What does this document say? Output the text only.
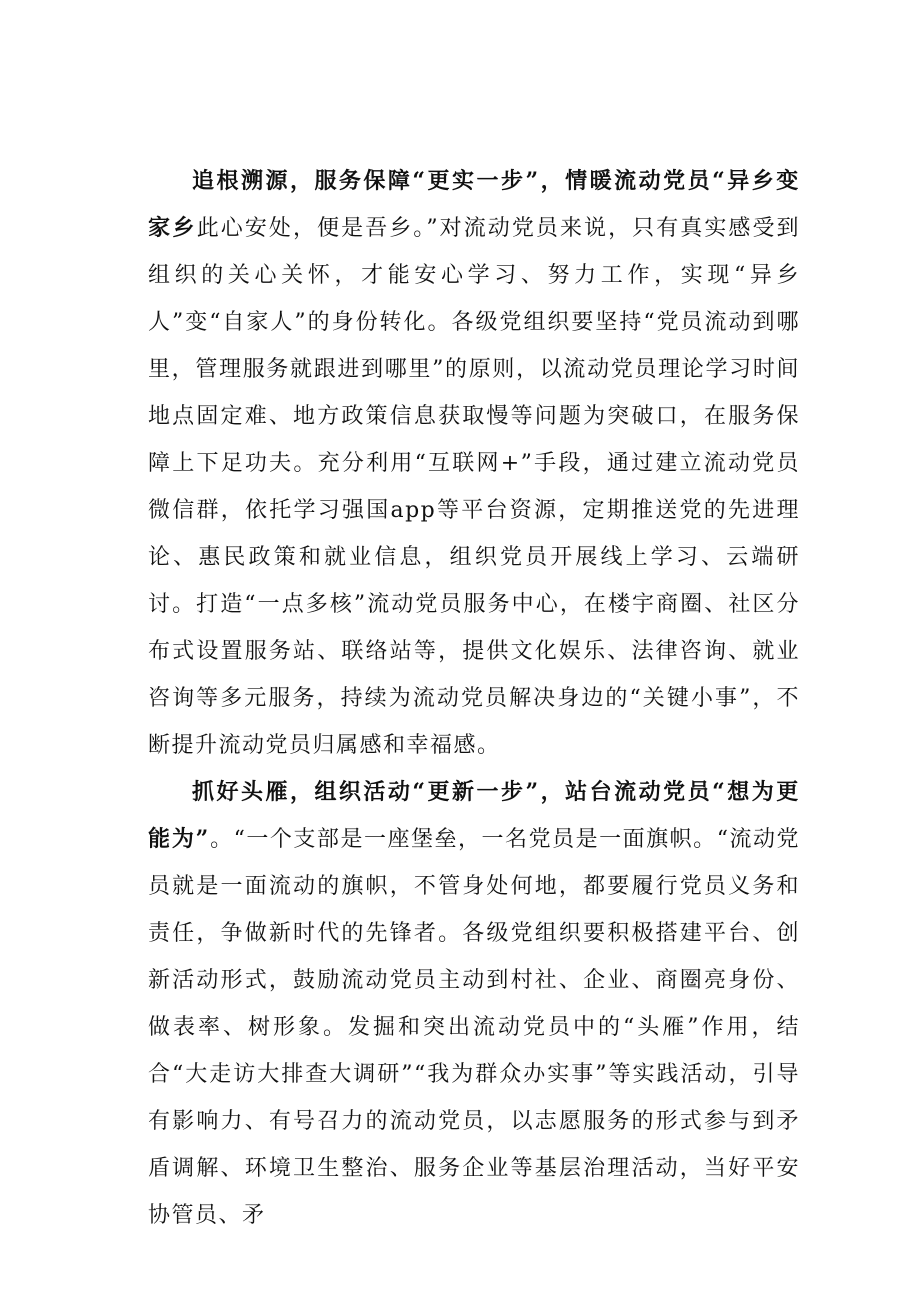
追根溯源，服务保障“更实一步”，情暖流动党员“异乡变家乡此心安处，便是吾乡。”对流动党员来说，只有真实感受到组织的关心关怀，才能安心学习、努力工作，实现“异乡人”变“自家人”的身份转化。各级党组织要坚持“党员流动到哪里，管理服务就跟进到哪里”的原则，以流动党员理论学习时间地点固定难、地方政策信息获取慢等问题为突破口，在服务保障上下足功夫。充分利用“互联网+”手段，通过建立流动党员微信群，依托学习强国app等平台资源，定期推送党的先进理论、惠民政策和就业信息，组织党员开展线上学习、云端研讨。打造“一点多核”流动党员服务中心，在楼宇商圈、社区分布式设置服务站、联络站等，提供文化娱乐、法律咨询、就业咨询等多元服务，持续为流动党员解决身边的“关键小事”，不断提升流动党员归属感和幸福感。

抓好头雁，组织活动“更新一步”，站台流动党员“想为更能为”。“一个支部是一座堡垒，一名党员是一面旗帜。“流动党员就是一面流动的旗帜，不管身处何地，都要履行党员义务和责任，争做新时代的先锋者。各级党组织要积极搭建平台、创新活动形式，鼓励流动党员主动到村社、企业、商圈亮身份、做表率、树形象。发掘和突出流动党员中的“头雁”作用，结合“大走访大排查大调研”“我为群众办实事”等实践活动，引导有影响力、有号召力的流动党员，以志愿服务的形式参与到矛盾调解、环境卫生整治、服务企业等基层治理活动，当好平安协管员、矛
